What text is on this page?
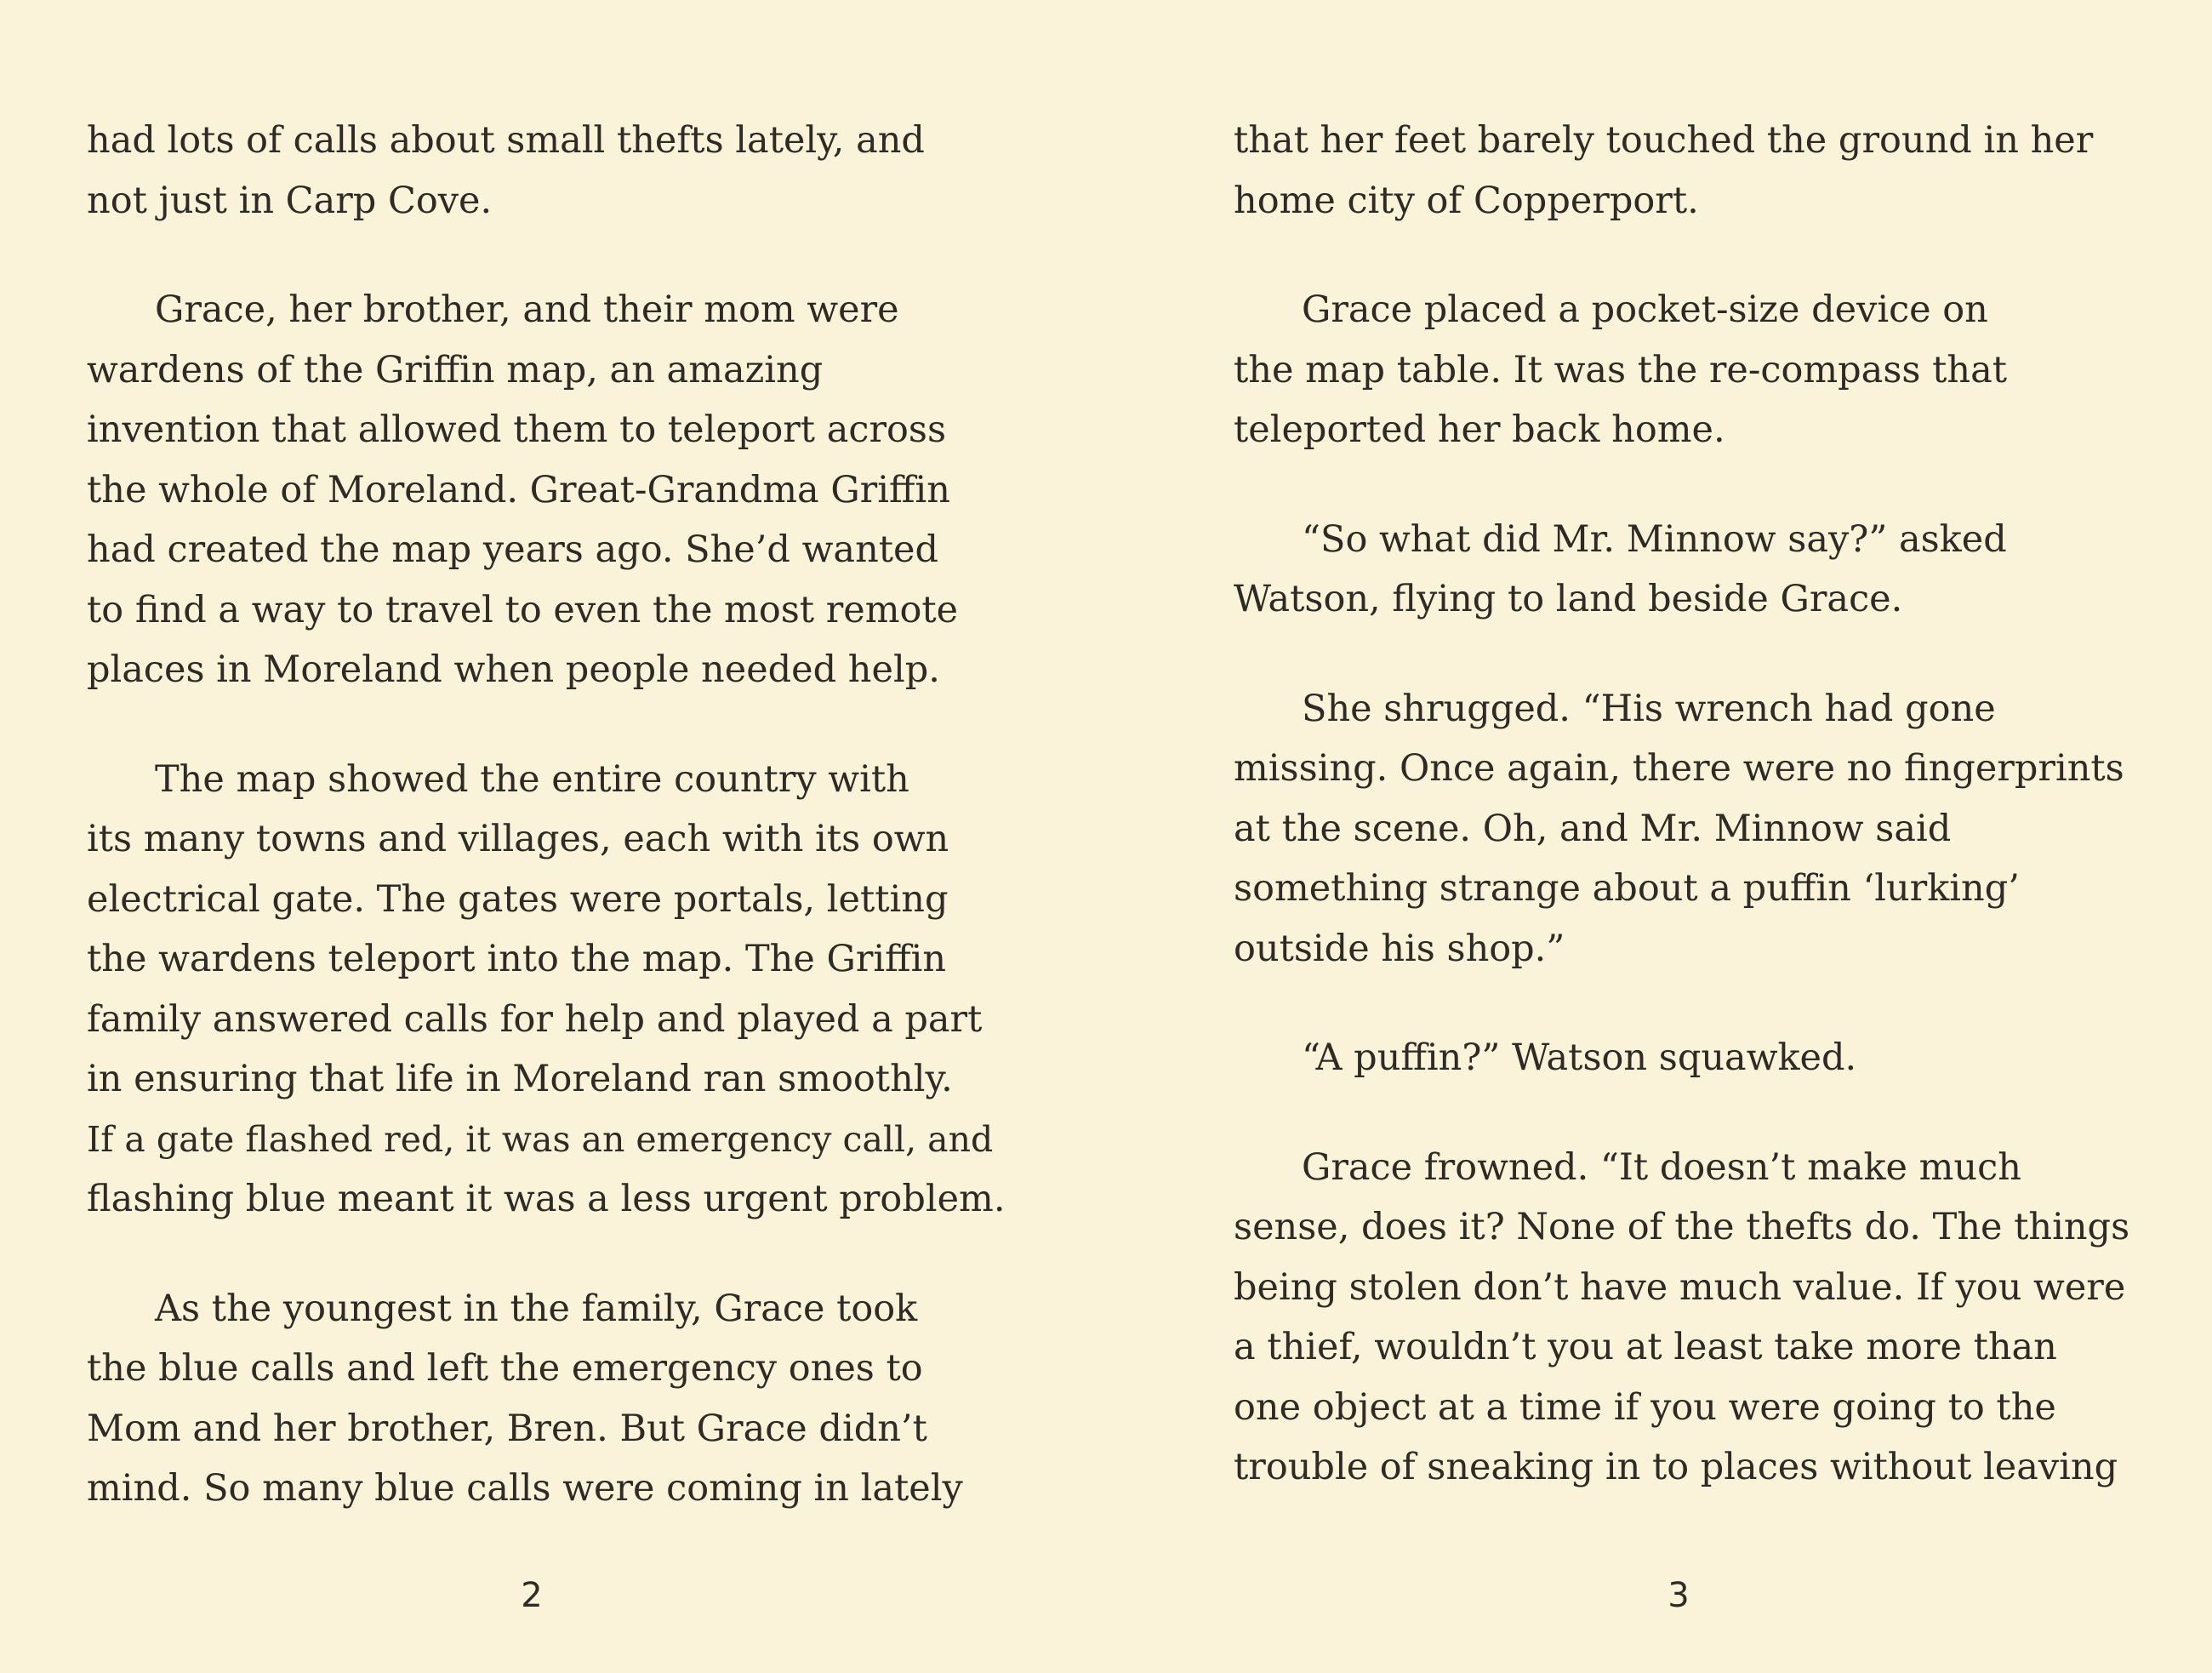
had lots of calls about small thefts lately, and
not just in Carp Cove.
Grace, her brother, and their mom were
wardens of the Griffin map, an amazing
invention that allowed them to teleport across
the whole of Moreland. Great-Grandma Griffin
had created the map years ago. She’d wanted
to find a way to travel to even the most remote
places in Moreland when people needed help.
The map showed the entire country with
its many towns and villages, each with its own
electrical gate. The gates were portals, letting
the wardens teleport into the map. The Griffin
family answered calls for help and played a part
in ensuring that life in Moreland ran smoothly.
If a gate flashed red, it was an emergency call, and
flashing blue meant it was a less urgent problem.
As the youngest in the family, Grace took
the blue calls and left the emergency ones to
Mom and her brother, Bren. But Grace didn’t
mind. So many blue calls were coming in lately
that her feet barely touched the ground in her
home city of Copperport.
Grace placed a pocket-size device on
the map table. It was the re-compass that
teleported her back home.
“So what did Mr. Minnow say?” asked
Watson, flying to land beside Grace.
She shrugged. “His wrench had gone
missing. Once again, there were no fingerprints
at the scene. Oh, and Mr. Minnow said
something strange about a puffin ‘lurking’
outside his shop.”
“A puffin?” Watson squawked.
Grace frowned. “It doesn’t make much
sense, does it? None of the thefts do. The things
being stolen don’t have much value. If you were
a thief, wouldn’t you at least take more than
one object at a time if you were going to the
trouble of sneaking in to places without leaving
2	3
